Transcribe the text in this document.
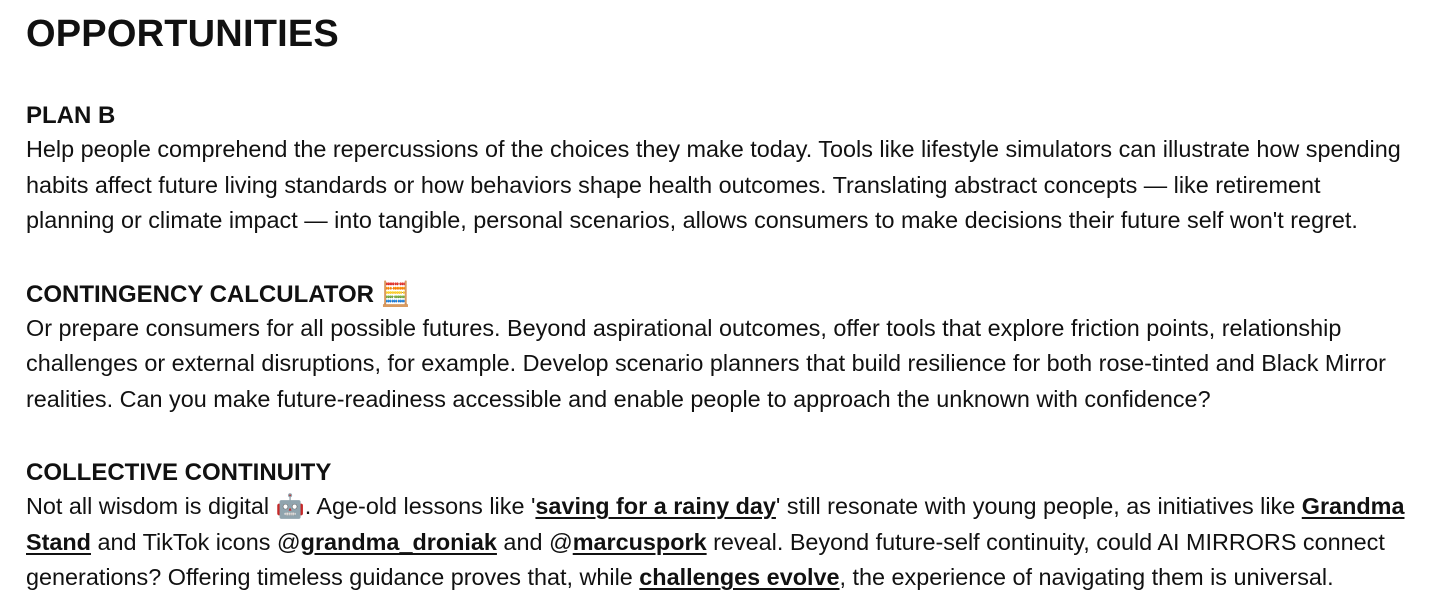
OPPORTUNITIES
PLAN B

Help people comprehend the repercussions of the choices they make today. Tools like lifestyle simulators can illustrate how spending habits affect future living standards or how behaviors shape health outcomes. Translating abstract concepts — like retirement planning or climate impact — into tangible, personal scenarios, allows consumers to make decisions their future self won't regret.

CONTINGENCY CALCULATOR 🧮

Or prepare consumers for all possible futures. Beyond aspirational outcomes, offer tools that explore friction points, relationship challenges or external disruptions, for example. Develop scenario planners that build resilience for both rose-tinted and Black Mirror realities. Can you make future-readiness accessible and enable people to approach the unknown with confidence?

COLLECTIVE CONTINUITY

Not all wisdom is digital 🤖. Age-old lessons like 'saving for a rainy day' still resonate with young people, as initiatives like Grandma Stand and TikTok icons @grandma_droniak and @marcuspork reveal. Beyond future-self continuity, could AI MIRRORS connect generations? Offering timeless guidance proves that, while challenges evolve, the experience of navigating them is universal.
